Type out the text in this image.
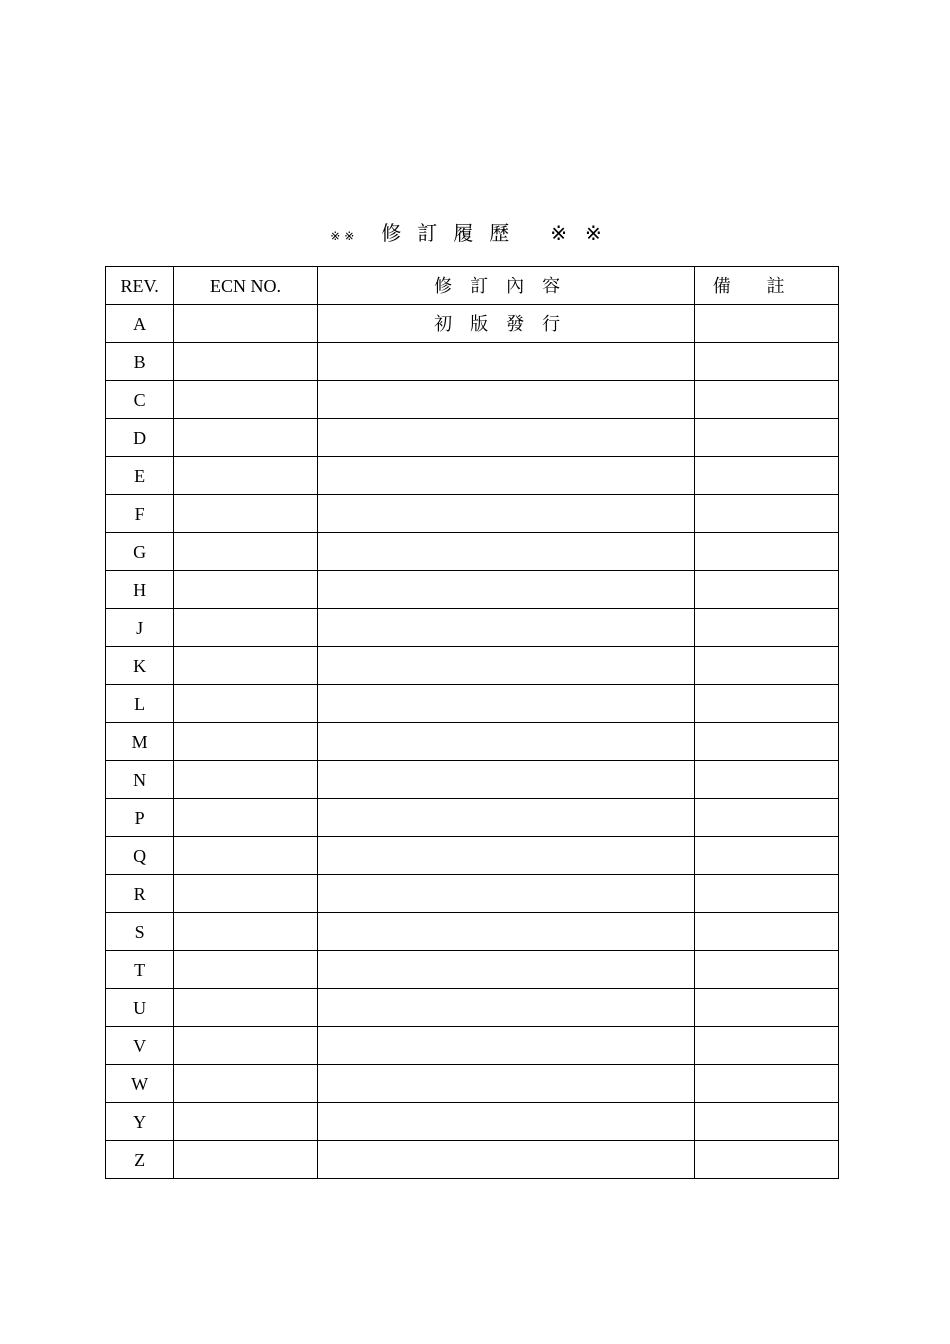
※※ 修訂履歷 ※※
REV.	ECN NO.	修訂內容	備註
A		初版發行	
B			
C			
D			
E			
F			
G			
H			
J			
K			
L			
M			
N			
P			
Q			
R			
S			
T			
U			
V			
W			
Y			
Z			
